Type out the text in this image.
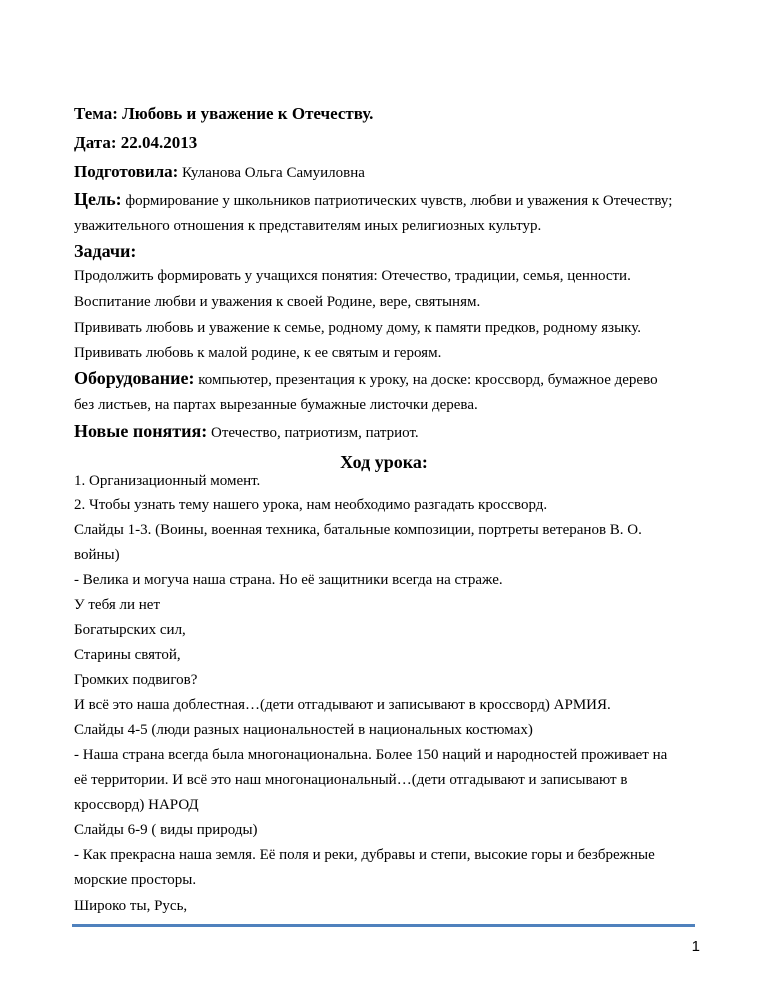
Тема: Любовь и уважение к Отечеству.
Дата: 22.04.2013
Подготовила: Куланова Ольга Самуиловна
Цель: формирование у школьников патриотических чувств, любви и уважения к Отечеству;
уважительного отношения к представителям иных религиозных культур.
Задачи:
Продолжить формировать у учащихся понятия: Отечество, традиции, семья, ценности.
Воспитание любви и уважения к своей Родине, вере, святыням.
Прививать любовь и уважение к семье, родному дому, к памяти предков, родному языку.
Прививать любовь к малой родине, к ее святым и героям.
Оборудование: компьютер, презентация к уроку, на доске: кроссворд, бумажное дерево
без листьев, на партах вырезанные бумажные листочки дерева.
Новые понятия: Отечество, патриотизм, патриот.
Ход урока:
1. Организационный момент.
2. Чтобы узнать тему нашего урока, нам необходимо разгадать кроссворд.
Слайды 1-3. (Воины, военная техника, батальные композиции, портреты ветеранов В. О.
войны)
- Велика и могуча наша страна. Но её защитники всегда на страже.
У тебя ли нет
Богатырских сил,
Старины святой,
Громких подвигов?
И всё это наша доблестная…(дети отгадывают и записывают в кроссворд) АРМИЯ.
Слайды 4-5 (люди разных национальностей в национальных костюмах)
- Наша страна всегда была многонациональна. Более 150 наций и народностей проживает на
её территории. И всё это наш многонациональный…(дети отгадывают и записывают в
кроссворд) НАРОД
Слайды 6-9 ( виды природы)
- Как прекрасна наша земля. Её поля и реки, дубравы и степи, высокие горы и безбрежные
морские просторы.
1
Широко ты, Русь,
